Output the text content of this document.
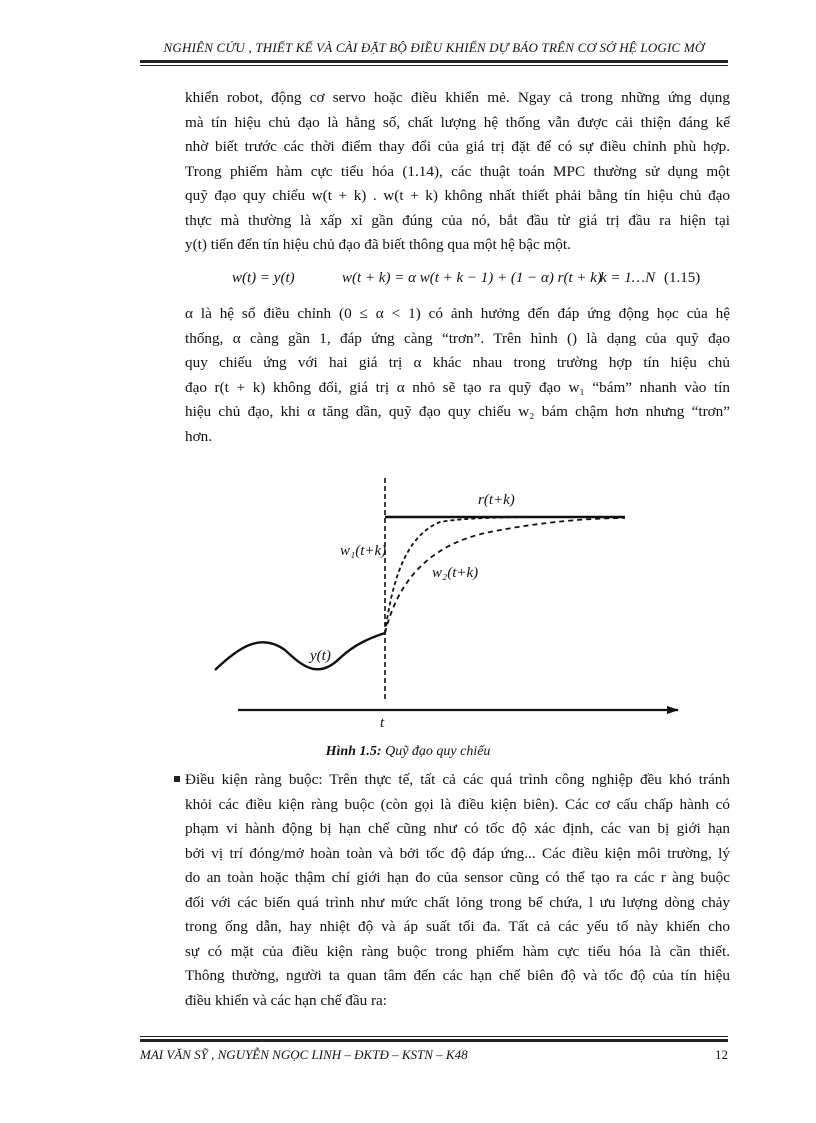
NGHIÊN CỨU , THIẾT KẾ VÀ CÀI ĐẶT BỘ ĐIỀU KHIỂN DỰ BÁO TRÊN CƠ SỞ HỆ LOGIC MỜ
khiển robot, động cơ servo hoặc điều khiển mẻ. Ngay cả trong những ứng dụng
mà tín hiệu chủ đạo là hằng số, chất lượng hệ thống vẫn được cải thiện đáng kể
nhờ biết trước các thời điểm thay đổi của giá trị đặt để có sự điều chỉnh phù hợp.
Trong phiếm hàm cực tiểu hóa (1.14), các thuật toán MPC thường sử dụng một
quỹ đạo quy chiếu w(t + k) . w(t + k) không nhất thiết phải bằng tín hiệu chủ đạo
thực mà thường là xấp xỉ gần đúng của nó, bắt đầu từ giá trị đầu ra hiện tại
y(t) tiến đến tín hiệu chủ đạo đã biết thông qua một hệ bậc một.
w(t) = y(t)	w(t + k) = α w(t + k − 1) + (1 − α) r(t + k)
k = 1…N (1.15)
α là hệ số điều chỉnh (0 ≤ α < 1) có ảnh hưởng đến đáp ứng động học của hệ
thống, α càng gần 1, đáp ứng càng “trơn”. Trên hình () là dạng của quỹ đạo
quy chiếu ứng với hai giá trị α khác nhau trong trường hợp tín hiệu chủ
đạo r(t + k) không đổi, giá trị α nhỏ sẽ tạo ra quỹ đạo w₁ “bám” nhanh vào tín
hiệu chủ đạo, khi α tăng dần, quỹ đạo quy chiếu w₂ bám chậm hơn nhưng “trơn”
hơn.
r(t+k)
w₁(t+k)
w₂(t+k)
y(t)
t
Hình 1.5: Quỹ đạo quy chiếu
Điều kiện ràng buộc: Trên thực tế, tất cả các quá trình công nghiệp đều khó tránh
khỏi các điều kiện ràng buộc (còn gọi là điều kiện biên). Các cơ cấu chấp hành có
phạm vi hành động bị hạn chế cũng như có tốc độ xác định, các van bị giới hạn
bởi vị trí đóng/mở hoàn toàn và bởi tốc độ đáp ứng... Các điều kiện môi trường, lý
do an toàn hoặc thậm chí giới hạn đo của sensor cũng có thể tạo ra các r àng buộc
đối với các biến quá trình như mức chất lỏng trong bể chứa, l ưu lượng dòng chảy
trong ống dẫn, hay nhiệt độ và áp suất tối đa. Tất cả các yếu tố này khiến cho
sự có mặt của điều kiện ràng buộc trong phiếm hàm cực tiểu hóa là cần thiết.
Thông thường, người ta quan tâm đến các hạn chế biên độ và tốc độ của tín hiệu
điều khiển và các hạn chế đầu ra:
MAI VĂN SỸ , NGUYỄN NGỌC LINH – ĐKTĐ – KSTN – K48	12
